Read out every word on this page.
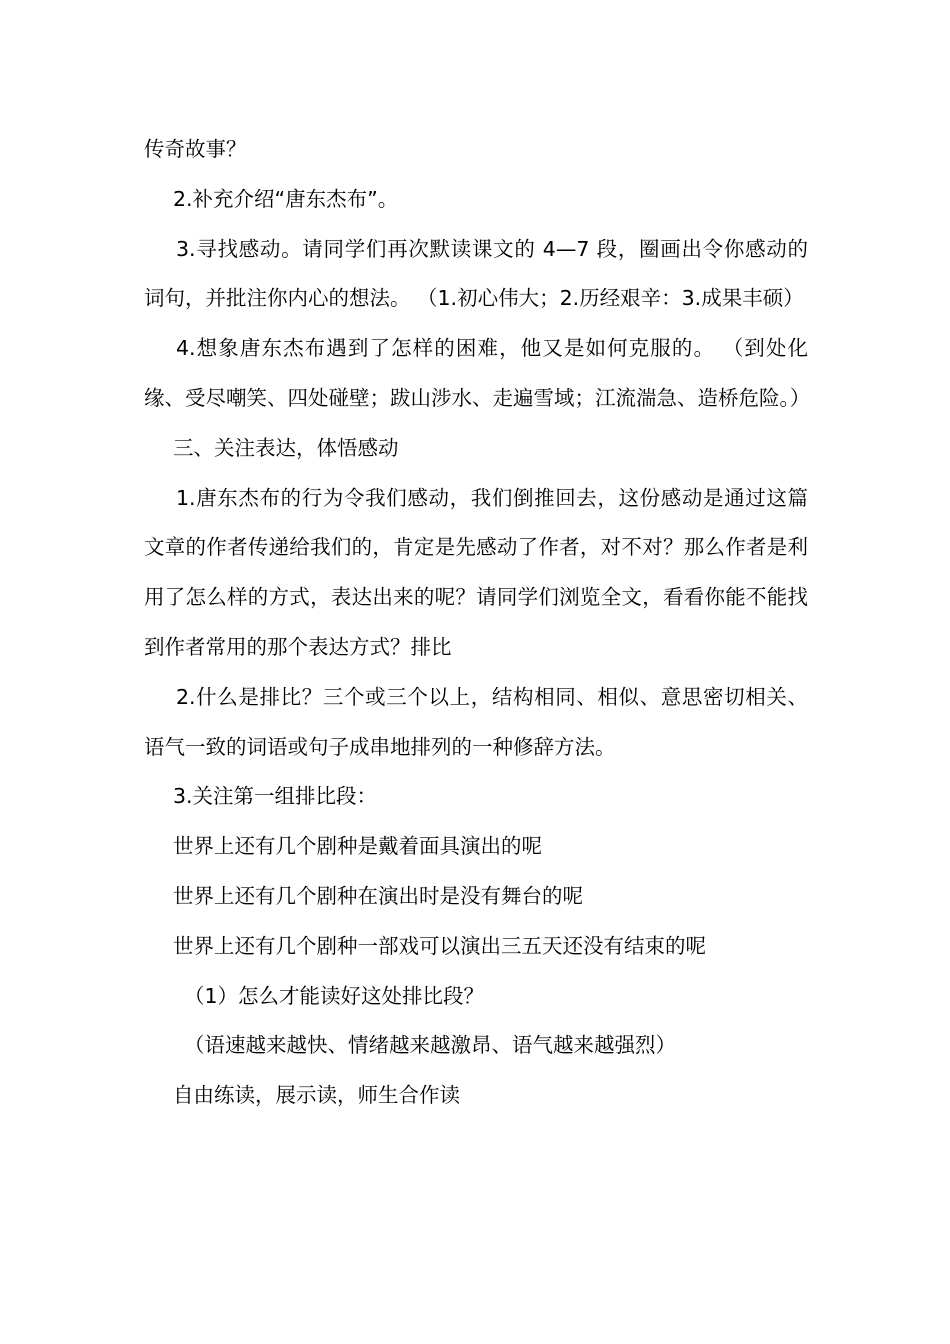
传奇故事？

2.补充介绍“唐东杰布”。

3.寻找感动。请同学们再次默读课文的 4—7 段，圈画出令你感动的词句，并批注你内心的想法。 （1.初心伟大；2.历经艰辛：3.成果丰硕）

4.想象唐东杰布遇到了怎样的困难，他又是如何克服的。 （到处化缘、受尽嘲笑、四处碰壁；跋山涉水、走遍雪域；江流湍急、造桥危险。）

三、关注表达，体悟感动

1.唐东杰布的行为令我们感动，我们倒推回去，这份感动是通过这篇文章的作者传递给我们的，肯定是先感动了作者，对不对？那么作者是利用了怎么样的方式，表达出来的呢？请同学们浏览全文，看看你能不能找到作者常用的那个表达方式？排比

2.什么是排比？三个或三个以上，结构相同、相似、意思密切相关、语气一致的词语或句子成串地排列的一种修辞方法。

3.关注第一组排比段：

世界上还有几个剧种是戴着面具演出的呢

世界上还有几个剧种在演出时是没有舞台的呢

世界上还有几个剧种一部戏可以演出三五天还没有结束的呢

（1）怎么才能读好这处排比段？

（语速越来越快、情绪越来越激昂、语气越来越强烈）

自由练读，展示读，师生合作读
